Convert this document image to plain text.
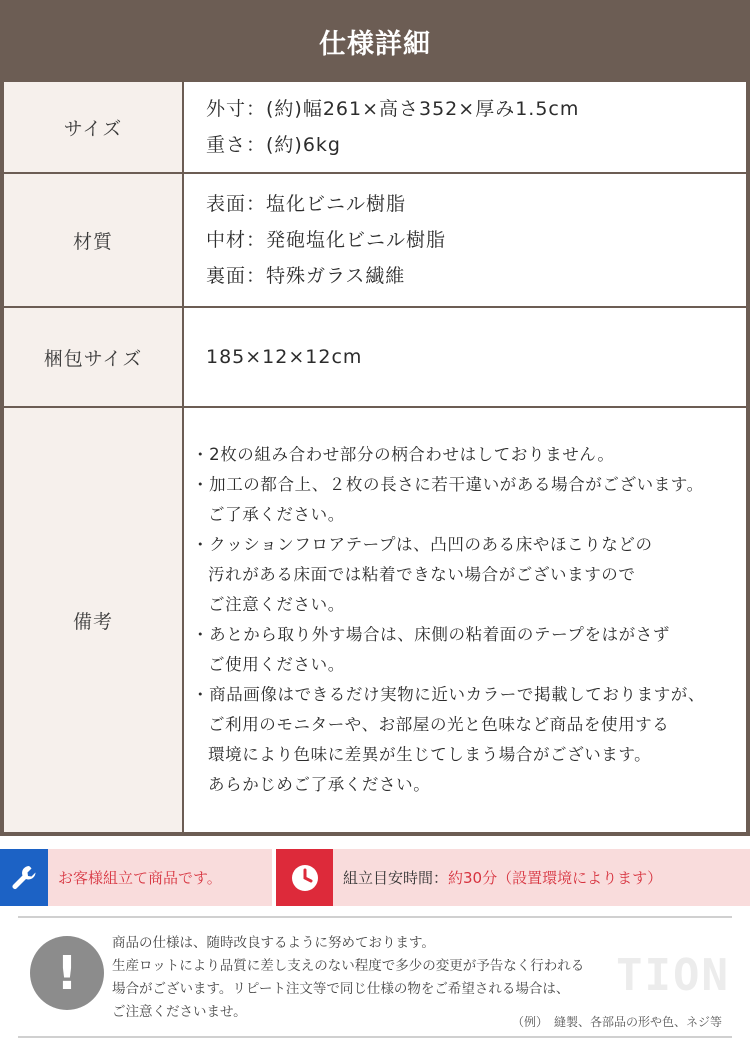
仕様詳細
サイズ
外寸：(約)幅261×高さ352×厚み1.5cm
重さ：(約)6kg
材質
表面：塩化ビニル樹脂
中材：発砲塩化ビニル樹脂
裏面：特殊ガラス繊維
梱包サイズ	185×12×12cm
備考
・2枚の組み合わせ部分の柄合わせはしておりません。
・加工の都合上、２枚の長さに若干違いがある場合がございます。
ご了承ください。
・クッションフロアテープは、凸凹のある床やほこりなどの
汚れがある床面では粘着できない場合がございますので
ご注意ください。
・あとから取り外す場合は、床側の粘着面のテープをはがさず
ご使用ください。
・商品画像はできるだけ実物に近いカラーで掲載しておりますが、
ご利用のモニターや、お部屋の光と色味など商品を使用する
環境により色味に差異が生じてしまう場合がございます。
あらかじめご了承ください。
お客様組立て商品です。	組立目安時間：約30分（設置環境によります）
TION
!
商品の仕様は、随時改良するように努めております。
生産ロットにより品質に差し支えのない程度で多少の変更が予告なく行われる
場合がございます。リピート注文等で同じ仕様の物をご希望される場合は、
ご注意くださいませ。
（例）　縫製、各部品の形や色、ネジ等
